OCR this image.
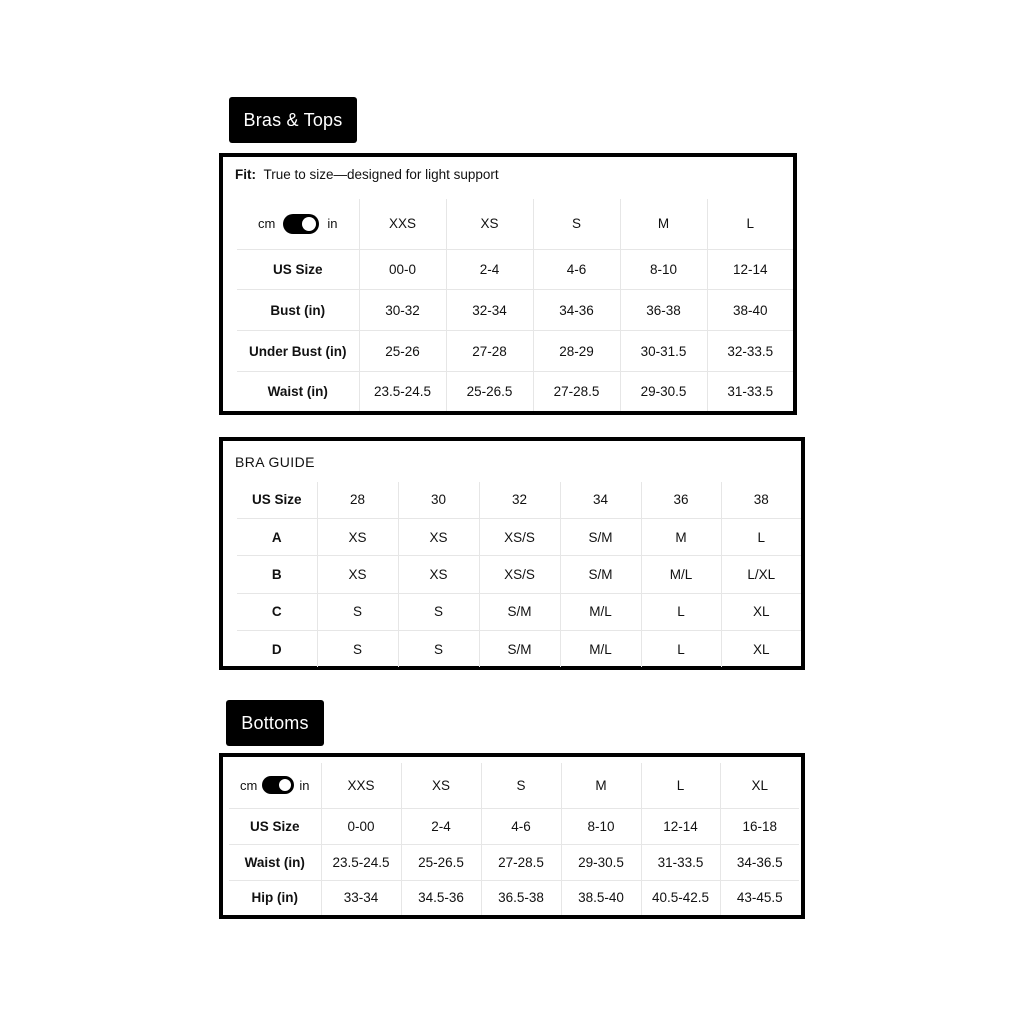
Bras & Tops
Fit: True to size—designed for light support
cm in	XXS	XS	S	M	L
US Size	00-0	2-4	4-6	8-10	12-14
Bust (in)	30-32	32-34	34-36	36-38	38-40
Under Bust (in)	25-26	27-28	28-29	30-31.5	32-33.5
Waist (in)	23.5-24.5	25-26.5	27-28.5	29-30.5	31-33.5
BRA GUIDE
US Size	28	30	32	34	36	38
A	XS	XS	XS/S	S/M	M	L
B	XS	XS	XS/S	S/M	M/L	L/XL
C	S	S	S/M	M/L	L	XL
D	S	S	S/M	M/L	L	XL
Bottoms
cm in	XXS	XS	S	M	L	XL
US Size	0-00	2-4	4-6	8-10	12-14	16-18
Waist (in)	23.5-24.5	25-26.5	27-28.5	29-30.5	31-33.5	34-36.5
Hip (in)	33-34	34.5-36	36.5-38	38.5-40	40.5-42.5	43-45.5
